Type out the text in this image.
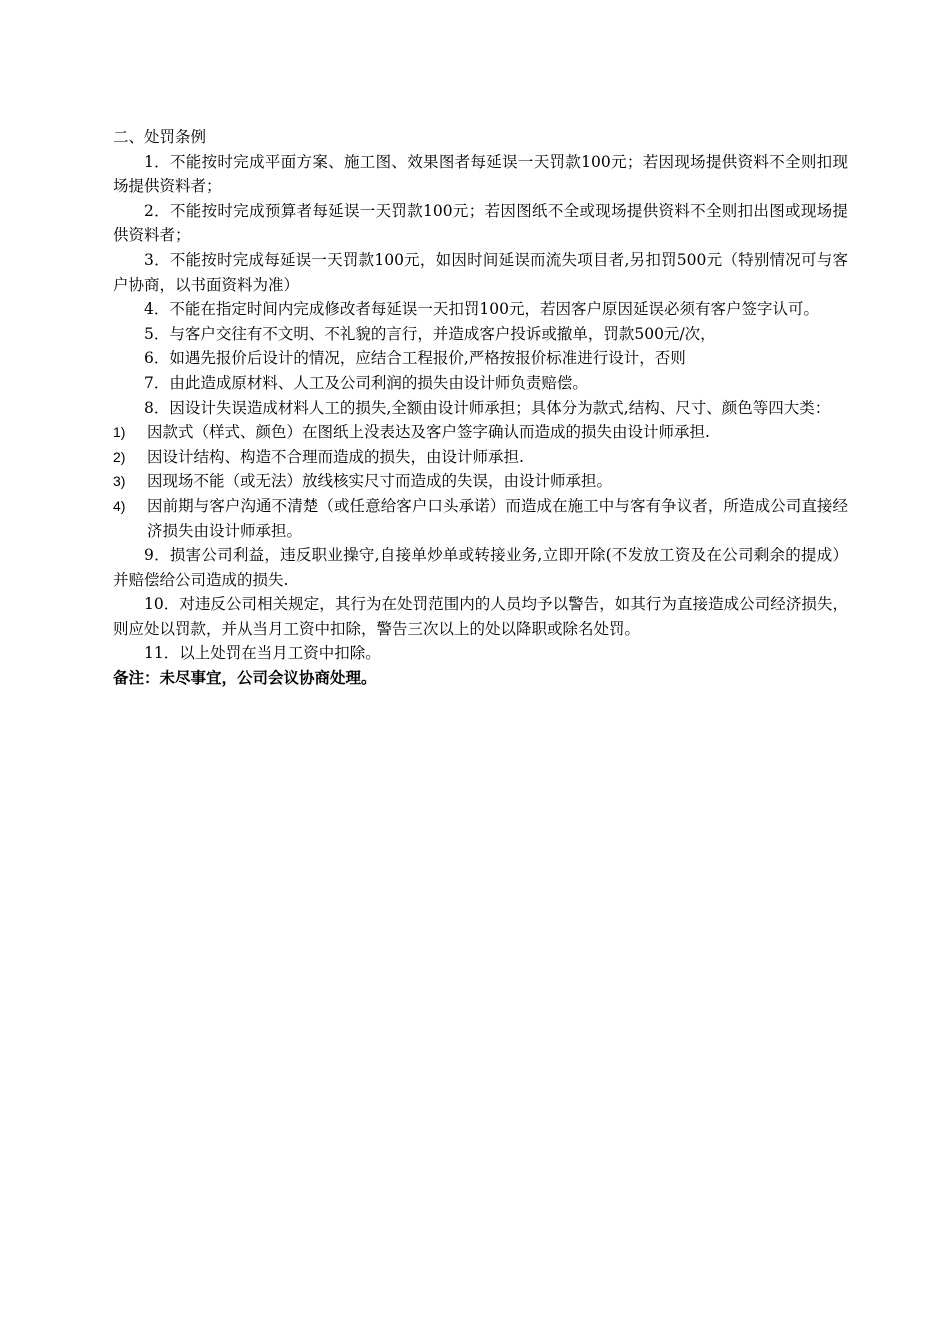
二、处罚条例

1．不能按时完成平面方案、施工图、效果图者每延误一天罚款100元；若因现场提供资料不全则扣现场提供资料者；

2．不能按时完成预算者每延误一天罚款100元；若因图纸不全或现场提供资料不全则扣出图或现场提供资料者；

3．不能按时完成每延误一天罚款100元，如因时间延误而流失项目者,另扣罚500元（特别情况可与客户协商，以书面资料为准）

4．不能在指定时间内完成修改者每延误一天扣罚100元，若因客户原因延误必须有客户签字认可。

5．与客户交往有不文明、不礼貌的言行，并造成客户投诉或撤单，罚款500元/次，

6．如遇先报价后设计的情况，应结合工程报价,严格按报价标准进行设计，否则

7．由此造成原材料、人工及公司利润的损失由设计师负责赔偿。

8．因设计失误造成材料人工的损失,全额由设计师承担；具体分为款式,结构、尺寸、颜色等四大类：

1)	因款式（样式、颜色）在图纸上没表达及客户签字确认而造成的损失由设计师承担.
2)	因设计结构、构造不合理而造成的损失，由设计师承担.
3)	因现场不能（或无法）放线核实尺寸而造成的失误，由设计师承担。
4)	因前期与客户沟通不清楚（或任意给客户口头承诺）而造成在施工中与客有争议者，所造成公司直接经济损失由设计师承担。

9．损害公司利益，违反职业操守,自接单炒单或转接业务,立即开除(不发放工资及在公司剩余的提成）并赔偿给公司造成的损失.

10．对违反公司相关规定，其行为在处罚范围内的人员均予以警告，如其行为直接造成公司经济损失，则应处以罚款，并从当月工资中扣除，警告三次以上的处以降职或除名处罚。

11．以上处罚在当月工资中扣除。

备注：未尽事宜，公司会议协商处理。
